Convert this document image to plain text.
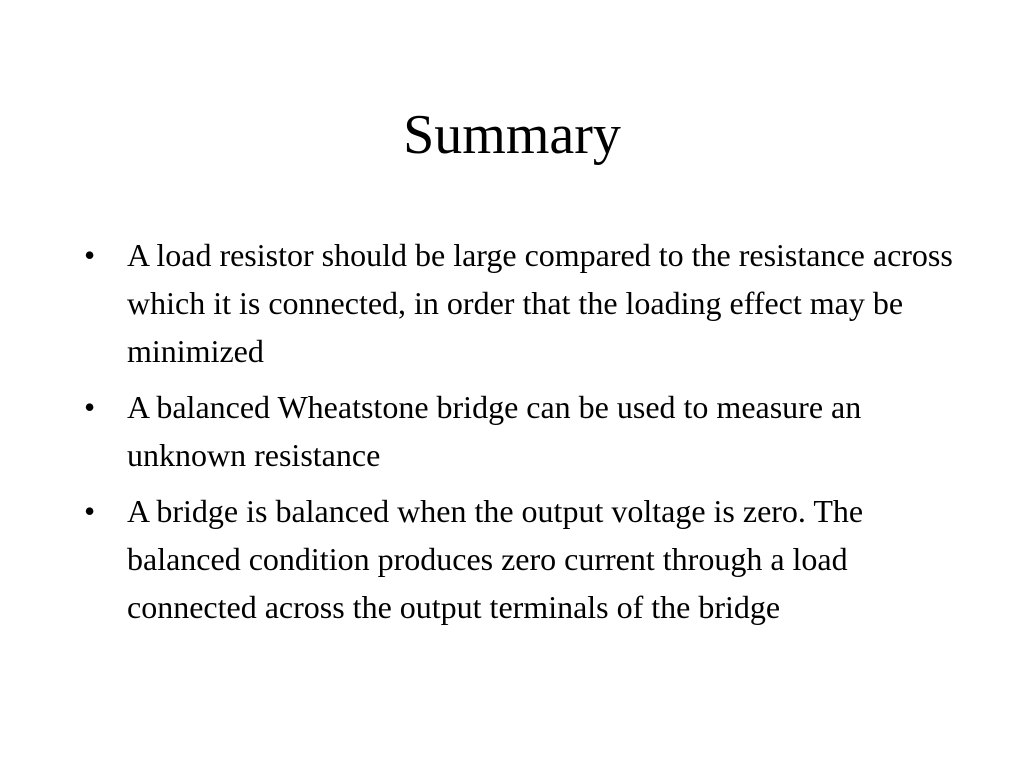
Summary
• A load resistor should be large compared to the resistance across which it is connected, in order that the loading effect may be minimized
• A balanced Wheatstone bridge can be used to measure an unknown resistance
• A bridge is balanced when the output voltage is zero. The balanced condition produces zero current through a load connected across the output terminals of the bridge
